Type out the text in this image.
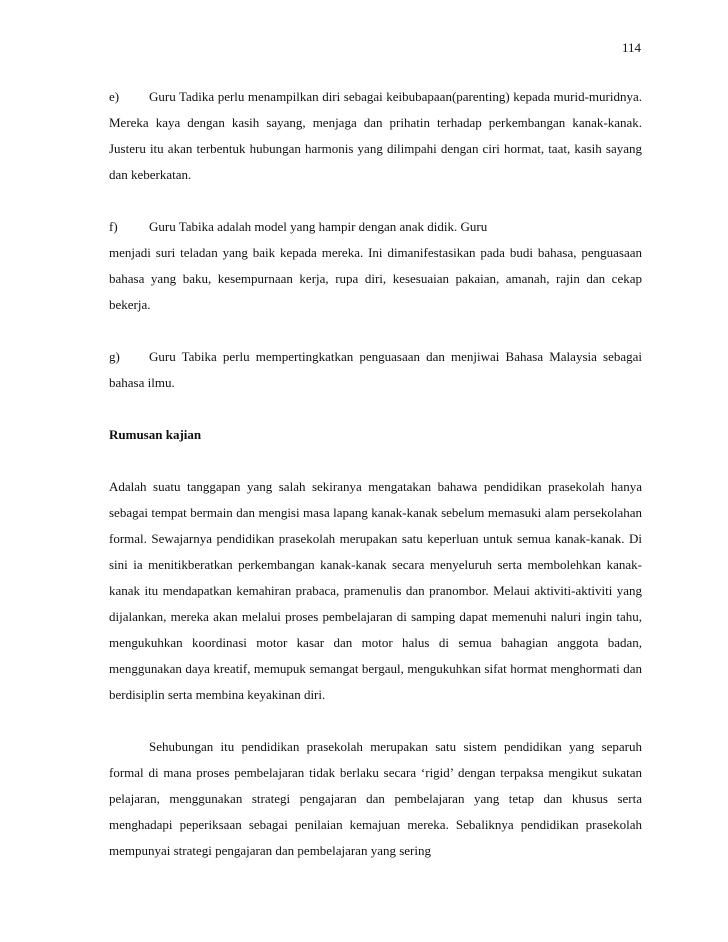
114

e) Guru Tadika perlu menampilkan diri sebagai keibubapaan(parenting) kepada murid-muridnya. Mereka kaya dengan kasih sayang, menjaga dan prihatin terhadap perkembangan kanak-kanak. Justeru itu akan terbentuk hubungan harmonis yang dilimpahi dengan ciri hormat, taat, kasih sayang dan keberkatan.

f) Guru Tabika adalah model yang hampir dengan anak didik. Guru
menjadi suri teladan yang baik kepada mereka. Ini dimanifestasikan pada budi bahasa, penguasaan bahasa yang baku, kesempurnaan kerja, rupa diri, kesesuaian pakaian, amanah, rajin dan cekap bekerja.

g) Guru Tabika perlu mempertingkatkan penguasaan dan menjiwai Bahasa Malaysia sebagai bahasa ilmu.

Rumusan kajian

Adalah suatu tanggapan yang salah sekiranya mengatakan bahawa pendidikan prasekolah hanya sebagai tempat bermain dan mengisi masa lapang kanak-kanak sebelum memasuki alam persekolahan formal. Sewajarnya pendidikan prasekolah merupakan satu keperluan untuk semua kanak-kanak. Di sini ia menitikberatkan perkembangan kanak-kanak secara menyeluruh serta membolehkan kanak-kanak itu mendapatkan kemahiran prabaca, pramenulis dan pranombor. Melaui aktiviti-aktiviti yang dijalankan, mereka akan melalui proses pembelajaran di samping dapat memenuhi naluri ingin tahu, mengukuhkan koordinasi motor kasar dan motor halus di semua bahagian anggota badan, menggunakan daya kreatif, memupuk semangat bergaul, mengukuhkan sifat hormat menghormati dan berdisiplin serta membina keyakinan diri.

Sehubungan itu pendidikan prasekolah merupakan satu sistem pendidikan yang separuh formal di mana proses pembelajaran tidak berlaku secara ‘rigid’ dengan terpaksa mengikut sukatan pelajaran, menggunakan strategi pengajaran dan pembelajaran yang tetap dan khusus serta menghadapi peperiksaan sebagai penilaian kemajuan mereka. Sebaliknya pendidikan prasekolah mempunyai strategi pengajaran dan pembelajaran yang sering
